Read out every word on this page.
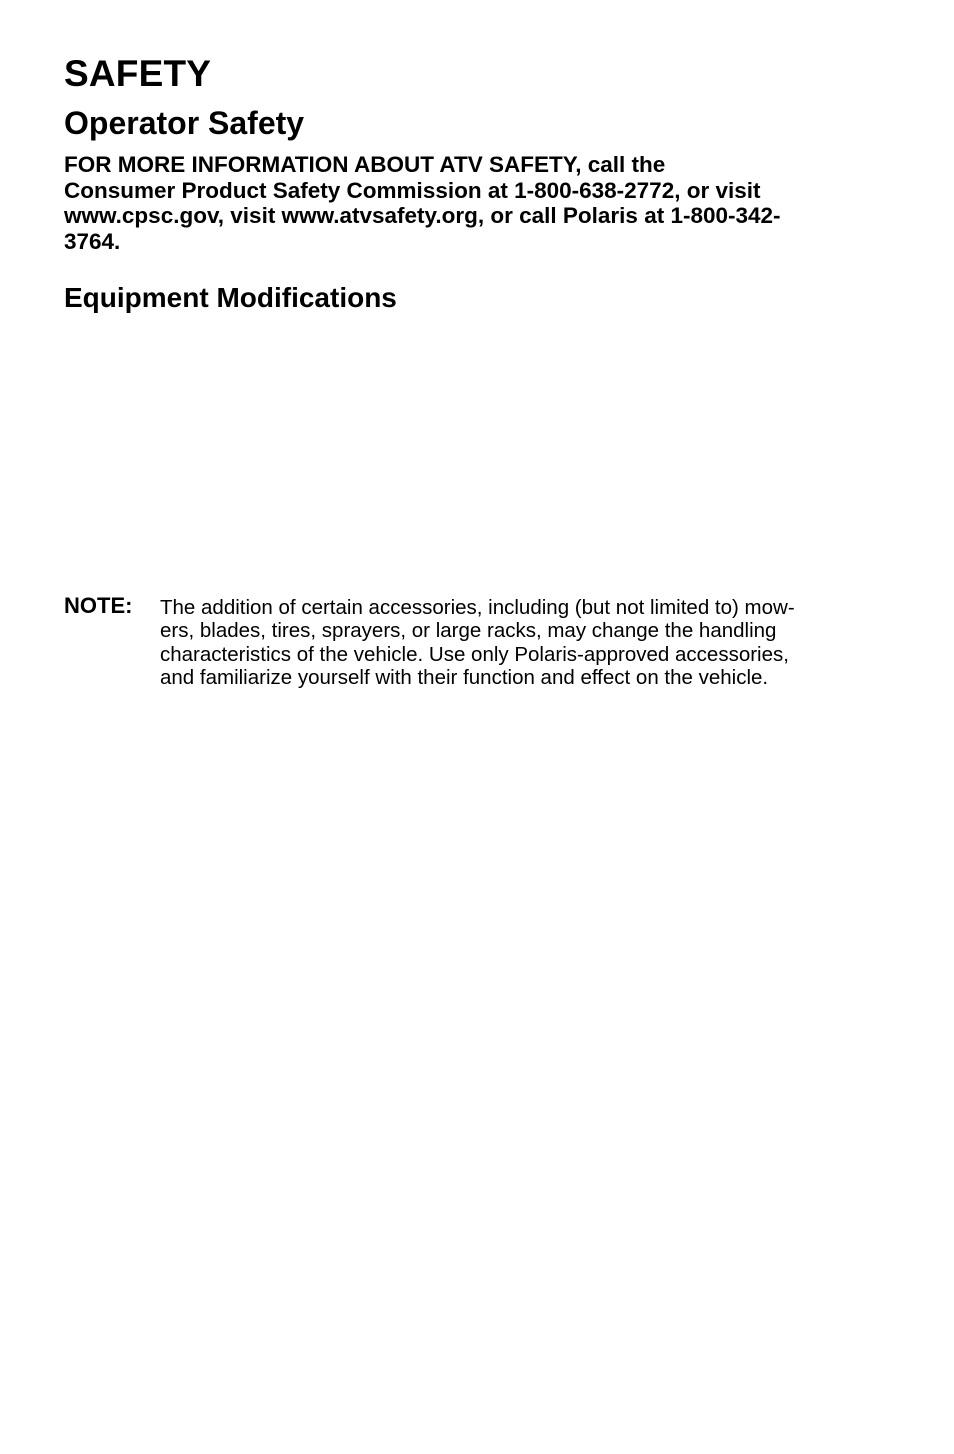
SAFETY
Operator Safety

FOR MORE INFORMATION ABOUT ATV SAFETY, call the
Consumer Product Safety Commission at 1-800-638-2772, or visit
www.cpsc.gov, visit www.atvsafety.org, or call Polaris at 1-800-342-
3764.

Equipment Modifications
NOTE: The addition of certain accessories, including (but not limited to) mow-
ers, blades, tires, sprayers, or large racks, may change the handling
characteristics of the vehicle. Use only Polaris-approved accessories,
and familiarize yourself with their function and effect on the vehicle.
